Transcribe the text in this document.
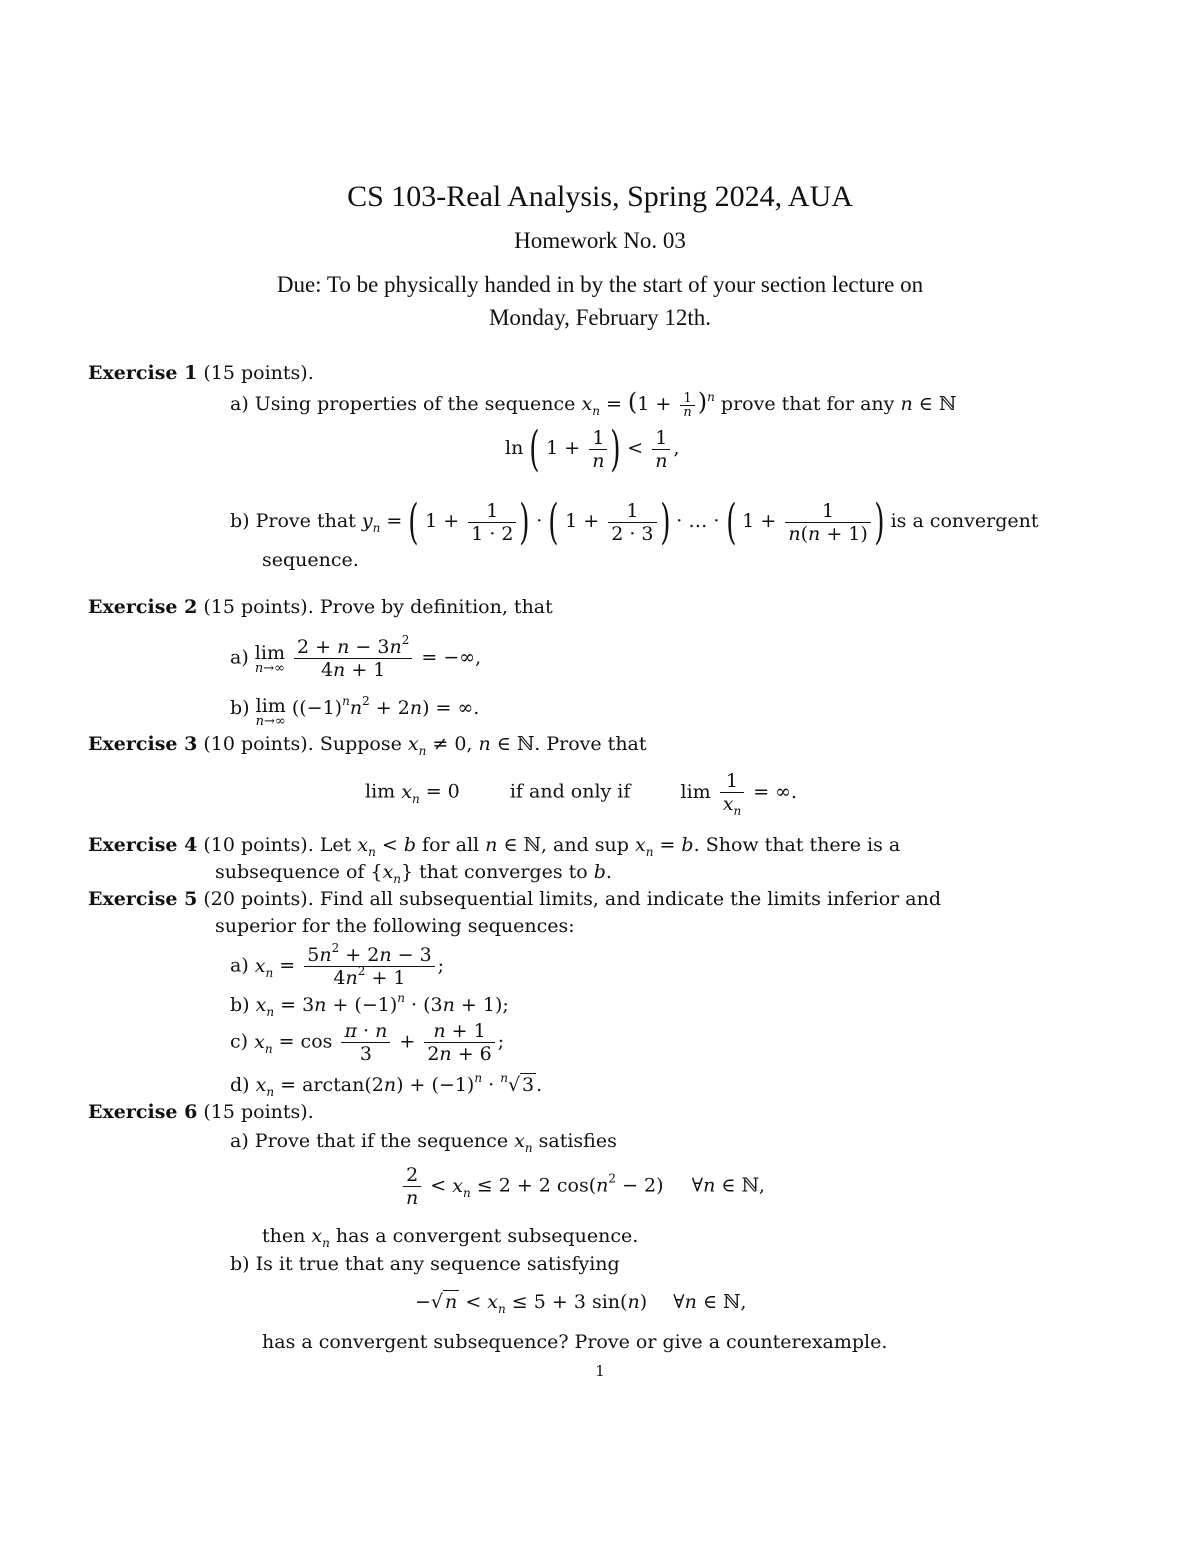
CS 103-Real Analysis, Spring 2024, AUA
Homework No. 03
Due: To be physically handed in by the start of your section lecture on
Monday, February 12th.
Exercise 1 (15 points).
a) Using properties of the sequence $x_n = (1 + \frac{1}{n} )^n$ prove that for any n ∈ ℕ
ln ( $1 + \frac{1}{n}$ ) < $\frac{1}{n}$ ,
b) Prove that $y_n$ = ( $1 + \frac{1}{1 \cdot 2}$ ) · ( $1 + \frac{1}{2 \cdot 3}$ ) · … · ( $1 + \frac{1}{n(n + 1)}$ ) is a convergent
sequence.
Exercise 2 (15 points). Prove by definition, that
a) lim
n→∞
$\frac{2 + n - 3n^2}{4n + 1}$ = −∞,
b) lim
n→∞
$((-1)^nn^2 + 2n)$ = ∞.
Exercise 3 (10 points). Suppose $x_n \ne 0$, n ∈ ℕ. Prove that
$\lim x_n = 0$	if and only if	$\lim \frac{1}{x_n}$ = ∞.
Exercise 4 (10 points). Let $x_n < b$ for all n ∈ ℕ, and sup $x_n = b$. Show that there is a
subsequence of $\{x_n\}$ that converges to b.
Exercise 5 (20 points). Find all subsequential limits, and indicate the limits inferior and
superior for the following sequences:
a) $x_n = \frac{5n^2 + 2n - 3}{4n^2 + 1}$ ;
b) $x_n = 3n + (-1)^n \cdot (3n + 1)$;
c) $x_n = \cos \frac{\pi \cdot n}{3} + \frac{n + 1}{2n + 6}$ ;
d) $x_n = \arctan(2n) + (-1)^n \cdot ^n√$ 3 .
Exercise 6 (15 points).
a) Prove that if the sequence $x_n$ satisfies
$\frac{2}{n} < x_n \le 2 + 2$ $\cos(n^2 - 2)$  ∀n ∈ ℕ,
then $x_n$ has a convergent subsequence.
b) Is it true that any sequence satisfying
−√ $n < x_n \le 5 + 3$ sin(n)  ∀n ∈ ℕ,
has a convergent subsequence? Prove or give a counterexample.
1
